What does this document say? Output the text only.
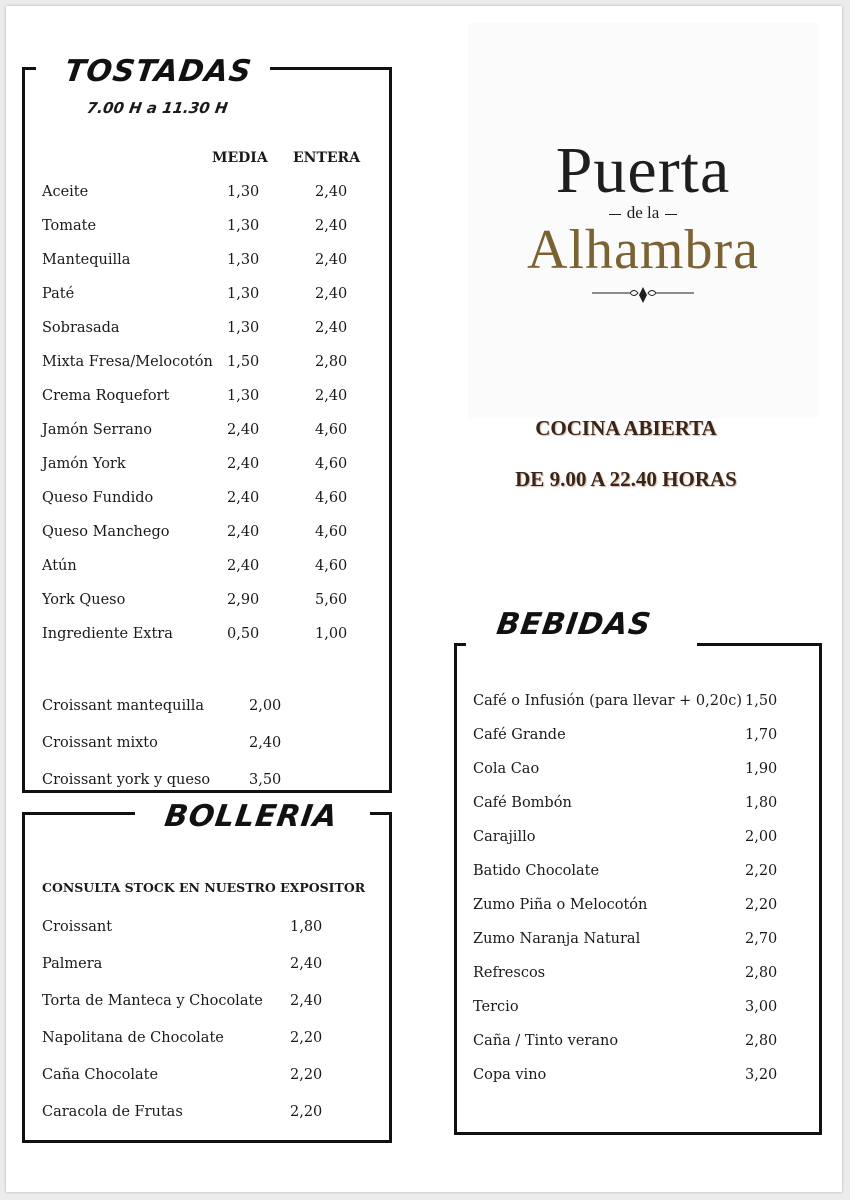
TOSTADAS
7.00 H a 11.30 H
MEDIA ENTERA
Aceite	1,30	2,40
Tomate	1,30	2,40
Mantequilla	1,30	2,40
Paté	1,30	2,40
Sobrasada	1,30	2,40
Mixta Fresa/Melocotón 1,50	2,80
Crema Roquefort	1,30	2,40
Jamón Serrano	2,40	4,60
Jamón York	2,40	4,60
Queso Fundido	2,40	4,60
Queso Manchego	2,40	4,60
Atún	2,40	4,60
York Queso	2,90	5,60
Ingrediente Extra	0,50	1,00
Croissant mantequilla	2,00
Croissant mixto	2,40
Croissant york y queso	3,50
BOLLERIA
CONSULTA STOCK EN NUESTRO EXPOSITOR
Croissant	1,80
Palmera	2,40
Torta de Manteca y Chocolate 2,40
Napolitana de Chocolate	2,20
Caña Chocolate	2,20
Caracola de Frutas	2,20
Puerta
de la
Alhambra
COCINA ABIERTA
DE 9.00 A 22.40 HORAS
BEBIDAS
Café o Infusión (para llevar + 0,20c) 1,50
Café Grande	1,70
Cola Cao	1,90
Café Bombón	1,80
Carajillo	2,00
Batido Chocolate	2,20
Zumo Piña o Melocotón	2,20
Zumo Naranja Natural	2,70
Refrescos	2,80
Tercio	3,00
Caña / Tinto verano	2,80
Copa vino	3,20
